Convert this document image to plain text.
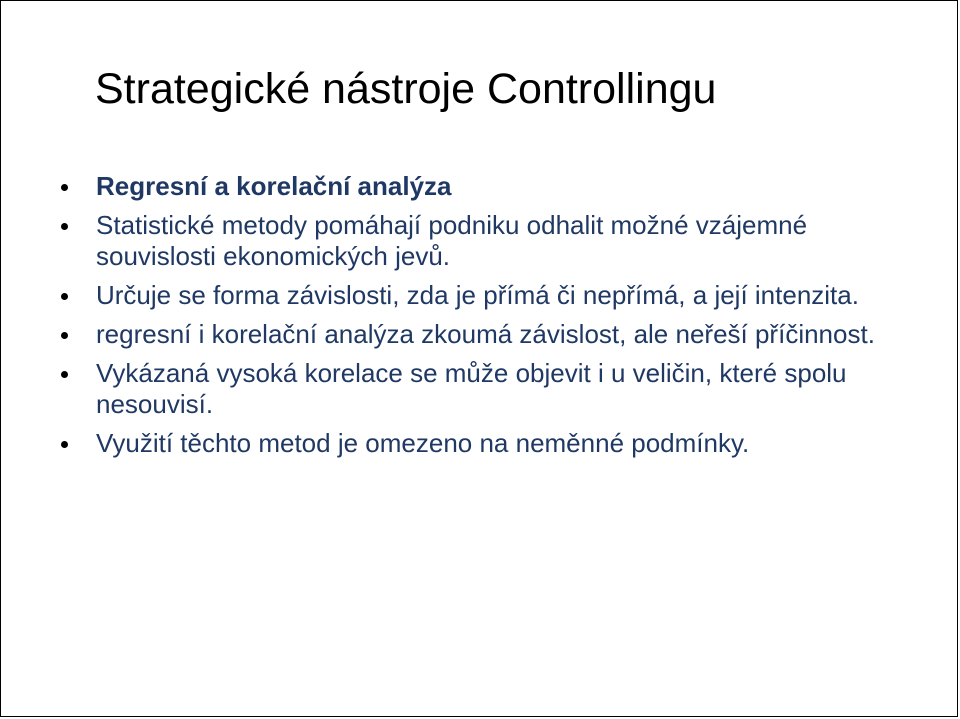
Strategické nástroje Controllingu
Regresní a korelační analýza
Statistické metody pomáhají podniku odhalit možné vzájemné souvislosti ekonomických jevů.
Určuje se forma závislosti, zda je přímá či nepřímá, a její intenzita.
regresní i korelační analýza zkoumá závislost, ale neřeší příčinnost.
Vykázaná vysoká korelace se může objevit i u veličin, které spolu nesouvisí.
Využití těchto metod je omezeno na neměnné podmínky.
